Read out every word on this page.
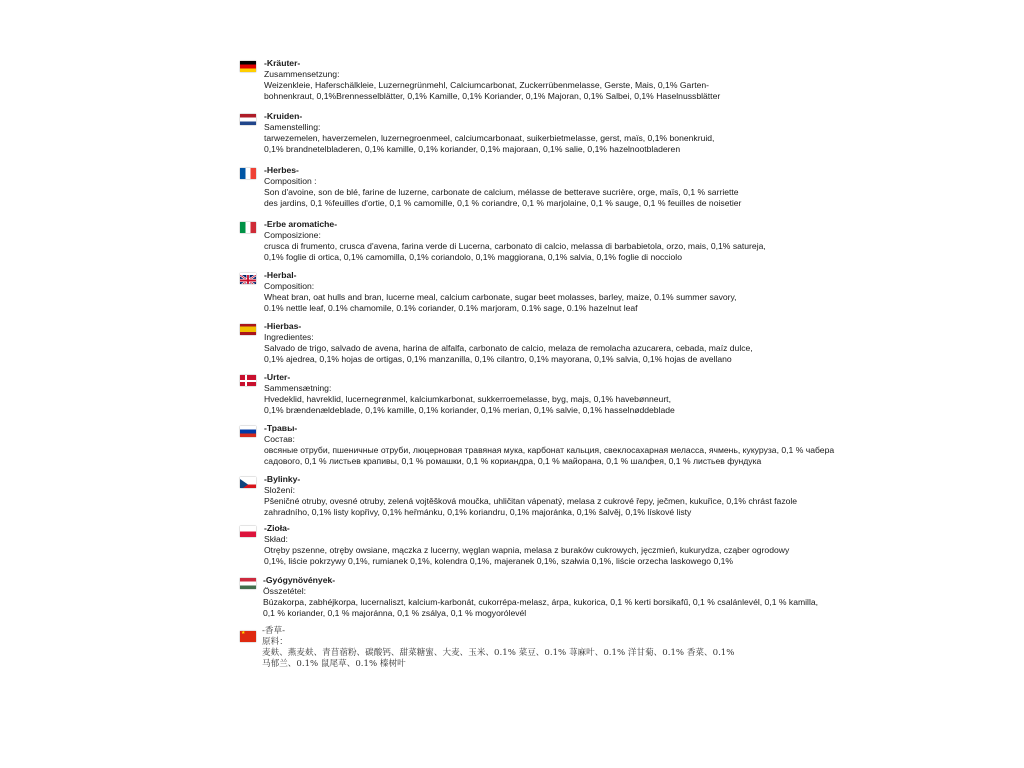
-Kräuter-
Zusammensetzung:
Weizenkleie, Haferschälkleie, Luzernegrünmehl, Calciumcarbonat, Zuckerrübenmelasse, Gerste, Mais, 0,1% Garten-
bohnenkraut, 0,1%Brennesselblätter, 0,1% Kamille, 0,1% Koriander, 0,1% Majoran, 0,1% Salbei, 0,1% Haselnussblätter
-Kruiden-
Samenstelling:
tarwezemelen, haverzemelen, luzernegroenmeel, calciumcarbonaat, suikerbietmelasse, gerst, maïs, 0,1% bonenkruid,
0,1% brandnetelbladeren, 0,1% kamille, 0,1% koriander, 0,1% majoraan, 0,1% salie, 0,1% hazelnootbladeren
-Herbes-
Composition :
Son d'avoine, son de blé, farine de luzerne, carbonate de calcium, mélasse de betterave sucrière, orge, maïs, 0,1 % sarriette
des jardins, 0,1 %feuilles d'ortie, 0,1 % camomille, 0,1 % coriandre, 0,1 % marjolaine, 0,1 % sauge, 0,1 % feuilles de noisetier
-Erbe aromatiche-
Composizione:
crusca di frumento, crusca d'avena, farina verde di Lucerna, carbonato di calcio, melassa di barbabietola, orzo, mais, 0,1% satureja,
0,1% foglie di ortica, 0,1% camomilla, 0,1% coriandolo, 0,1% maggiorana, 0,1% salvia, 0,1% foglie di nocciolo
-Herbal-
Composition:
Wheat bran, oat hulls and bran, lucerne meal, calcium carbonate, sugar beet molasses, barley, maize, 0.1% summer savory,
0.1% nettle leaf, 0.1% chamomile, 0.1% coriander, 0.1% marjoram, 0.1% sage, 0.1% hazelnut leaf
-Hierbas-
Ingredientes:
Salvado de trigo, salvado de avena, harina de alfalfa, carbonato de calcio, melaza de remolacha azucarera, cebada, maíz dulce,
0,1% ajedrea, 0,1% hojas de ortigas, 0,1% manzanilla, 0,1% cilantro, 0,1% mayorana, 0,1% salvia, 0,1% hojas de avellano
-Urter-
Sammensætning:
Hvedeklid, havreklid, lucernegrønmel, kalciumkarbonat, sukkerroemelasse, byg, majs, 0,1% havebønneurt,
0,1% brændenældeblade, 0,1% kamille, 0,1% koriander, 0,1% merian, 0,1% salvie, 0,1% hasselnøddeblade
-Травы-
Состав:
овсяные отруби, пшеничные отруби, люцерновая травяная мука, карбонат кальция, свеклосахарная меласса, ячмень, кукуруза, 0,1 % чабера
садового, 0,1 % листьев крапивы, 0,1 % ромашки, 0,1 % кориандра, 0,1 % майорана, 0,1 % шалфея, 0,1 % листьев фундука
-Bylinky-
Složení:
Pšeničné otruby, ovesné otruby, zelená vojtěšková moučka, uhličitan vápenatý, melasa z cukrové řepy, ječmen, kukuřice, 0,1% chrást fazole
zahradního, 0,1% listy kopřivy, 0,1% heřmánku, 0,1% koriandru, 0,1% majoránka, 0,1% šalvěj, 0,1% lískové listy
-Zioła-
Skład:
Otręby pszenne, otręby owsiane, mączka z lucerny, węglan wapnia, melasa z buraków cukrowych, jęczmień, kukurydza, cząber ogrodowy
0,1%, liście pokrzywy 0,1%, rumianek 0,1%, kolendra 0,1%, majeranek 0,1%, szałwia 0,1%, liście orzecha laskowego 0,1%
-Gyógynövények-
Összetétel:
Búzakorpa, zabhéjkorpa, lucernaliszt, kalcium-karbonát, cukorrépa-melasz, árpa, kukorica, 0,1 % kerti borsikafű, 0,1 % csalánlevél, 0,1 % kamilla,
0,1 % koriander, 0,1 % majoránna, 0,1 % zsálya, 0,1 % mogyorólevél
★ -香草-
原料：
麦麸、燕麦麸、青苜蓿粉、碳酸钙、甜菜糖蜜、大麦、玉米、0.1% 菜豆、0.1% 荨麻叶、0.1% 洋甘菊、0.1% 香菜、0.1%
马郁兰、0.1% 鼠尾草、0.1% 榛树叶
